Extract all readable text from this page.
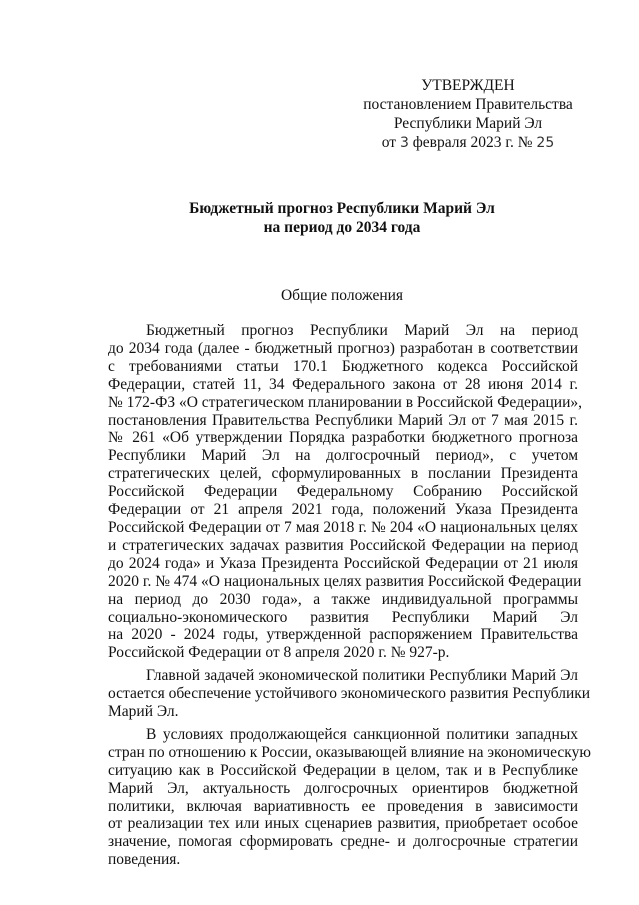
УТВЕРЖДЕН
постановлением Правительства
Республики Марий Эл
от 3 февраля 2023 г. № 25
Бюджетный прогноз Республики Марий Эл
на период до 2034 года
Общие положения
Бюджетный прогноз Республики Марий Эл на период
до 2034 года (далее - бюджетный прогноз) разработан в соответствии
с требованиями статьи 170.1 Бюджетного кодекса Российской
Федерации, статей 11, 34 Федерального закона от 28 июня 2014 г.
№ 172-ФЗ «О стратегическом планировании в Российской Федерации»,
постановления Правительства Республики Марий Эл от 7 мая 2015 г.
№ 261 «Об утверждении Порядка разработки бюджетного прогноза
Республики Марий Эл на долгосрочный период», с учетом
стратегических целей, сформулированных в послании Президента
Российской Федерации Федеральному Собранию Российской
Федерации от 21 апреля 2021 года, положений Указа Президента
Российской Федерации от 7 мая 2018 г. № 204 «О национальных целях
и стратегических задачах развития Российской Федерации на период
до 2024 года» и Указа Президента Российской Федерации от 21 июля
2020 г. № 474 «О национальных целях развития Российской Федерации
на период до 2030 года», а также индивидуальной программы
социально-экономического развития Республики Марий Эл
на 2020 - 2024 годы, утвержденной распоряжением Правительства
Российской Федерации от 8 апреля 2020 г. № 927-р.
Главной задачей экономической политики Республики Марий Эл
остается обеспечение устойчивого экономического развития Республики
Марий Эл.
В условиях продолжающейся санкционной политики западных
стран по отношению к России, оказывающей влияние на экономическую
ситуацию как в Российской Федерации в целом, так и в Республике
Марий Эл, актуальность долгосрочных ориентиров бюджетной
политики, включая вариативность ее проведения в зависимости
от реализации тех или иных сценариев развития, приобретает особое
значение, помогая сформировать средне- и долгосрочные стратегии
поведения.
